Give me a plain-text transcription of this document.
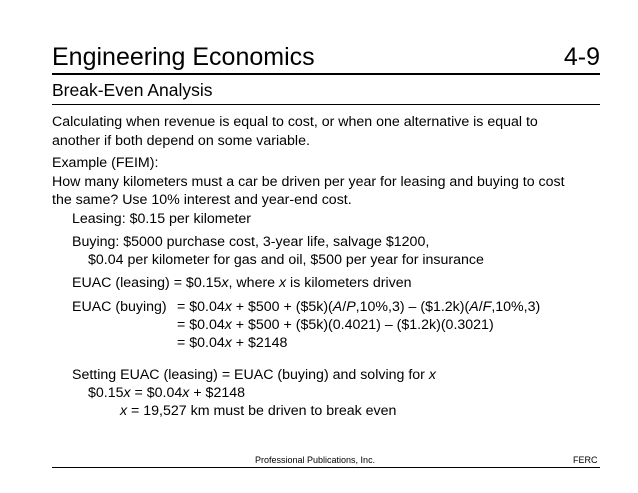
Engineering Economics	4-9
Break-Even Analysis
Calculating when revenue is equal to cost, or when one alternative is equal to
another if both depend on some variable.
Example (FEIM):
How many kilometers must a car be driven per year for leasing and buying to cost
the same? Use 10% interest and year-end cost.
Leasing: $0.15 per kilometer
Buying: $5000 purchase cost, 3-year life, salvage $1200,
$0.04 per kilometer for gas and oil, $500 per year for insurance
EUAC (leasing) = $0.15x, where x is kilometers driven
EUAC (buying) = $0.04x + $500 + ($5k)(A/P,10%,3) – ($1.2k)(A/F,10%,3)
= $0.04x + $500 + ($5k)(0.4021) – ($1.2k)(0.3021)
= $0.04x + $2148
Setting EUAC (leasing) = EUAC (buying) and solving for x
$0.15x = $0.04x + $2148
x = 19,527 km must be driven to break even
Professional Publications, Inc.	FERC
